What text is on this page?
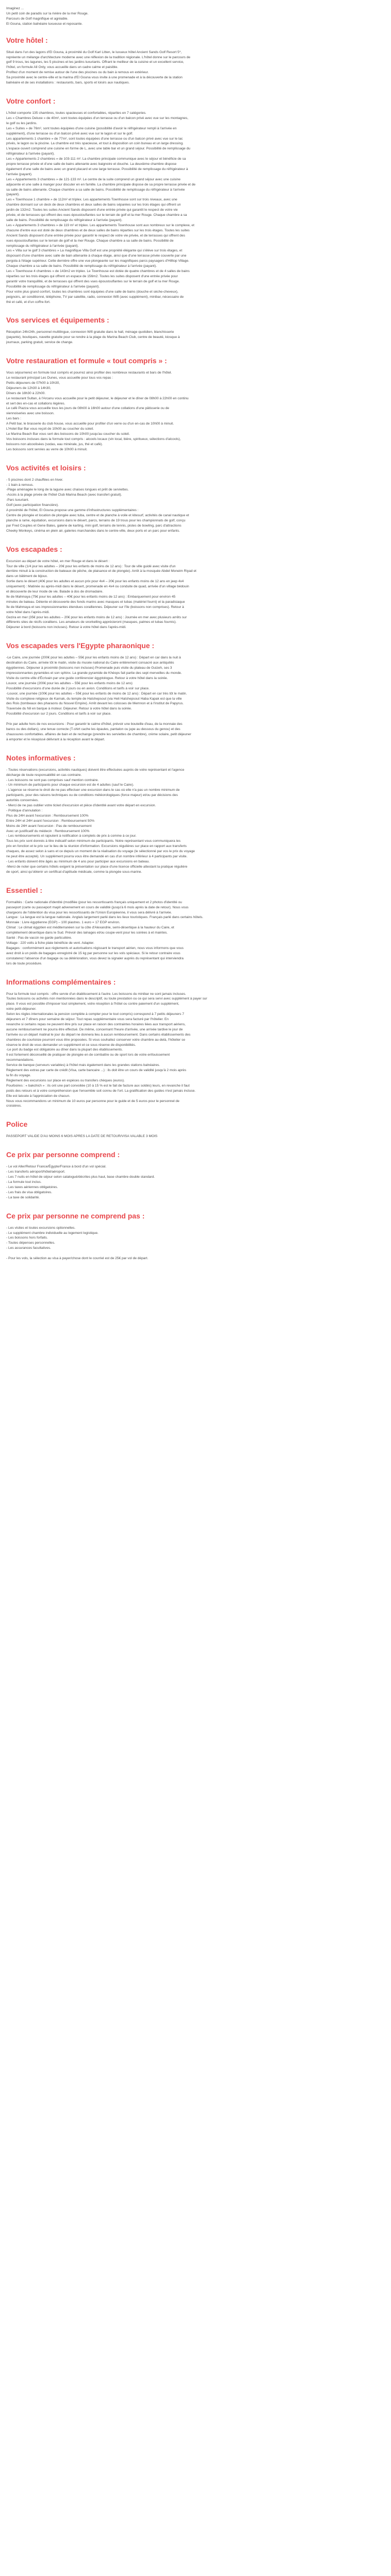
Imaginez ...

Un petit coin de paradis sur la rivière de la mer Rouge.

Parcours de Golf magnifique et agréable.

El Gouna, station balnéaire luxueuse et reposante.

Votre hôtel :

Situé dans l'un des lagons d'El Gouna, à proximité du Golf Karl Litten, le luxueux hôtel Ancient Sands Golf Resort 5*,

repréente un mélange d'architecture moderne avec une réflexion de la tradition régionale. L'hôtel donne sur le parcours de

golf 9 trous, les lagunes, les 5 piscines et les jardins luxuriants. Offrant le meilleur de la cuisine et un excellent service,

l'hôtel, un formule All Only, vous accueille dans un cadre calme et paisible.

Profitez d'un moment de remise autour de l'une des piscines ou du bain à remous en extérieur.

Sa proximité avec le centre-ville et la marina d'El Gouna vous invite à une promenade et à la découverte de la station

balnéaire et de ses installations : restaurants, bars, sports et loisirs aux nautiques.

Votre confort :

L'hôtel comporte 135 chambres, toutes spacieuses et confortables, réparties en 7 catégories.

Les « Chambres Deluxe » de 40m², sont toutes équipées d'un terrasse ou d'un balcon privé avec vue sur les montagnes,

le golf ou les jardins.

Les « Suites » de 76m², sont toutes équipées d'une cuisine (possibilité d'avoir le réfrigérateur rempli à l'arrivée en

supplément), d'une terrasse ou d'un balcon privé avec vue sur le lagon et sur le golf.

Les appartements 1 chambre » de 77m², sont toutes équipées d'une terrasse ou d'un balcon privé avec vue sur le lac

privés, le lagon ou la piscine. La chambre est très spacieuse, et tout à disposition un coin bureau et un large dressing.

L'espace ouvert comprend une cuisine en forme de L, avec une table bar et un grand séjour. Possibilité de remplissage du

réfrigérateur à l'arrivée (payant).

Les « Appartements 2 chambres » de 103-111 m². La chambre principale communique avec le séjour et bénéficie de sa

propre terrasse privée et d'une salle de bains attenante avec baignoire et douche. La deuxième chambre dispose

également d'une salle de bains avec un grand placard et une large terrasse. Possibilité de remplissage du réfrigérateur à

l'arrivée (payant).

Les « Appartements 3 chambres » de 121-133 m². Le centre de la suite comprend un grand séjour avec une cuisine

adjacente et une salle à manger pour discuter en en famille. La chambre principale dispose de sa propre terrasse privée et de

sa salle de bains attenante. Chaque chambre a sa salle de bains. Possibilité de remplissage du réfrigérateur à l'arrivée

(payant).

Les « Townhouse 1 chambre » de 112m² et triplex. Les appartements Townhouse sont sur trois niveaux, avec une

chambre donnant sur un deck de deux chambres et deux salles de bains séparées sur les trois étages qui offrent un

jardin de 132m2. Toutes les suites Ancient Sands disposent d'une entrée privée qui garantit le respect de votre vie

privée, et de terrasses qui offrent des vues époustouflantes sur le terrain de golf et la mer Rouge. Chaque chambre a sa

salle de bains. Possibilité de remplissage du réfrigérateur à l'arrivée (payant).

Les « Appartements 3 chambres » de 119 m² et triplex. Les appartements Townhouse sont aux nombreux sur le complexe, et

chacune d'entre eux est doté de deux chambres et de deux salles de bains réparties sur les trois étages. Toutes les suites

Ancient Sands disposent d'une entrée privée pour garantir le respect de votre vie privée, et de terrasses qui offrent des

vues époustouflantes sur le terrain de golf et la mer Rouge. Chaque chambre a sa salle de bains. Possibilité de

remplissage du réfrigérateur à l'arrivée (payant).

Les « Villa sur le golf 3 chambres » La magnifique Villa Golf est une propriété élégante qui s'élève sur trois étages, et

disposant d'une chambre avec salle de bain attenante à chaque étage, ainsi que d'une terrasse privée couverte par une

pergola à l'étage supérieur. Cette dernière offre une vue plongeante sur les magnifiques parcs paysagers d'Hilltop Village.

Chaque chambre a sa salle de bains. Possibilité de remplissage du réfrigérateur à l'arrivée (payant).

Les « Townhouse 4 chambres » de 143m2 en triplex. Le Townhouse est dotée de quatre chambres et de 4 salles de bains

réparties sur les trois étages qui offrent un espace de 156m2. Toutes les suites disposent d'une entrée privée pour

garantir votre tranquillité, et de terrasses qui offrent des vues époustouflantes sur le terrain de golf et la mer Rouge.

Possibilité de remplissage du réfrigérateur à l'arrivée (payant).

Pour votre plus grand confort, toutes les chambres sont équipées d'une salle de bains (douche et sèche-cheveux),

peignoirs, air conditionné, téléphone, TV par satellite, radio, connexion Wifi (avec supplément), minibar, nécessaire de

thé et café, et d'un coffre-fort.

Vos services et équipements :

Réception 24h/24h, personnel multilingue, connexion Wifi gratuite dans le hall, ménage quotidien, blanchisserie

(payante), boutiques, navette gratuite pour se rendre à la plage du Marina Beach Club, centre de beauté, kiosque à

journaux, parking gratuit, service de change.

Votre restauration et formule « tout compris » :

Vous séjournerez en formule tout compris et pourrez ainsi profiter des nombreux restaurants et bars de l'hôtel.

Le restaurant principal Les Dunes, vous accueille pour tous vos repas :

Petits déjeuners de 07h00 à 10h30,

Déjeuners de 12h30 à 14h30,

Dîners de 18h30 à 22h00.

Le restaurant Sultan, à l'Arcanu vous accueille pour le petit déjeuner, le déjeuner et le dîner de 08h00 à 22h00 en continu

et sert des en-cas et collations légères.

Le café Piazza vous accueille tous les jours de 08h00 à 16h00 autour d'une collations d'une pâtisserie ou de

viennoiseries avec une boisson.

Les bars :

A Petit bar, le brasserie du club house, vous accueille pour profiter d'un verre ou d'un en-cas de 10h00 à minuit.

L'Hotel Bar Bar vous reçoit de 10h00 au coucher du soleil.

Le Marina Beach Bar vous sert des boissons de 10h00 jusqu'au coucher du soleil.

Vos boissons incluses dans la formule tout compris : alcools locaux (vin local, bière, spiritueux, sélections d'alcools),

boissons non alcoolisées (sodas, eau minérale, jus, thé et café).

Les boissons sont servies au verre de 10h00 à minuit.

Vos activités et loisirs :

- 5 piscines dont 2 chauffées en hiver.

- 1 bain à remous.

-Plage aménagée le long de la lagune avec chaises longues et prêt de serviettes.

-Accès à la plage privée de l'hôtel Club Marina Beach (avec transfert gratuit).

-Parc luxuriant.

Golf (avec participation financière).

A proximité de l'hôtel, El Gouna propose une gamme d'infrastructures supplémentaires :

Centre de plongée et location de plongée avec tuba, centre et de planche à voile et kitesurf, activités de canal nautique et

planche à rame, équitation, excursions dans le désert, parcs, terrains de 19 trous pour les championnats de golf, conçu

par Fred Couples et Gene Bates, galerie de karting, mini golf, terrains de tennis, pistes de bowling, parc d'attractions

Cheeky Monkeys, cinéma en plein air, galeries marchandes dans le centre-ville, deux ports et un parc pour enfants.

Vos escapades :

Excursion au départ de votre hôtel, en mer Rouge et dans le désert :

Tour de ville (1/4 jour les adultes – 20€ pour les enfants de moins de 12 ans) : Tour de ville guidé avec visite d'un

derrière minuit à la construction de bateaux de pêche, de plaisance et de plongée). Arrêt à la mosquée Abdel Moneim Riyad et

dans un bâtiment de bijoux.

Sortie dans le désert (40€ pour les adultes et aucun prix pour 4x4 – 20€ pour les enfants moins de 12 ans en jeep 4x4

uniquement) : Matinée ou après-midi dans le désert, promenade en 4x4 ou conduite de quad, arrivée d'un village bédouin

et découverte de leur mode de vie. Balade à dos de dromadaire.

Ile de Mahmaya (75€ pour les adultes – 40€ pour les enfants moins de 12 ans) : Embarquement pour environ 45

minutes de bateau. Détente et découverte des fonds marins avec masques et tubas (matériel fourni) et la paradisiaque

île de Mahmaya et ses impressionnantes étendues coralliennes. Déjeuner sur l'île (boissons non comprises). Retour à

votre hôtel dans l'après-midi.

Gezira en mer (35€ pour les adultes – 20€ pour les enfants moins de 12 ans) : Journée en mer avec plusieurs arrêts sur

différents sites de récifs coralliens. Les amateurs de snorkelling apprécieront (masques, palmes et tubas fournis).

Déjeuner à bord (boissons non incluses). Retour à votre hôtel dans l'après-midi.

Vos escapades vers l'Egypte pharaonique :

-Le Caire, une journée (200€ pour les adultes – 55€ pour les enfants moins de 12 ans) : Départ en car dans la nuit à

destination du Caire, arrivée tôt le matin, visite du musée national du Caire entièrement consacré aux antiquités

égyptiennes. Déjeuner à proximité (boissons non incluses) Promenade puis visite du plateau de Guizeh, ses 3

impressionnantes pyramides et son sphinx. La grande pyramide de Khéops fait partie des sept merveilles du monde.

Visite du centre-ville d'Écrivain par une guide conférencier égyptologue. Retour à votre hôtel dans la soirée.

Louxor, une journée (200€ pour les adultes – 55€ pour les enfants moins de 12 ans)

Possibilité d'excursions d'une durée de 2 jours ou en avion. Conditions et tarifs à voir sur place.

-Louxor, une journée (100€ pour les adultes – 55€ pour les enfants de moins de 12 ans) : Départ en car très tôt le matin.

Visite du complexe religieux de Karnak, du temple de Hatshepsout (via Heli Hatshepsout Haba Kapak est que la ville

des Rois (tombeaux des pharaons du Nouvel Empire). Arrêt devant les colosses de Memnon et à l'institut de Papyrus.

Traversée du Nil en barque à moteur. Déjeuner. Retour à votre hôtel dans la soirée.

Possibilité d'excursion sur 2 jours. Conditions et tarifs à voir sur place.

Prix par adulte hors de nos excursions : Pour garantir le calme d'hôtel, prévoir une bouteille d'eau, de la monnaie des

bancs ou des dollars), une tenue correcte (T-shirt cache les épaules, pantalon ou jupe au dessous du genou) et des

chaussures confortables. affaires de bain et de rechange (prendre les serviettes de chambre), crème solaire, petit déjeuner

à emporter et le récepissé délivrant à la réception avant le départ.

Notes informatives :

- Toutes réservations (excursions, activités nautiques) doivent être effectuées auprès de votre représentant et l'agence

décharge de toute responsabilité en cas contraire.

- Les boissons ne sont pas comprises sauf mention contraire.

- Un minimum de participants pour chaque excursion est de 4 adultes (sauf le Caire).

- L'agence se réserve le droit de ne pas effectuer une excursion dans le cas où elle n'a pas un nombre minimum de

participants, pour des raisons techniques ou de conditions météorologiques (force majeur) et/ou par décisions des

autorités concernées.

- Merci de ne pas oublier votre ticket d'excursion et pièce d'identité avant votre départ en excursion.

- Politique d'annulation :

Plus de 24H avant l'excursion : Remboursement 100%

Entre 24H et 24H avant l'excursion : Remboursement 50%

Moins de 24H avant l'excursion : Pas de remboursement

Avec un justificatif du médecin : Remboursement 100%

- Les remboursements et rajoutent à notification à complets de prix à comme à ce jour.

Tous les prix sont donnés à titre indicatif selon minimum de participants. Notre représentant vous communiquera les

prix en fonction et le prix sur le lieu de la réunion d'information. Excursions régulières sur place en rapport aux transferts

chaques, de assez selon à sans et ce depuis un moment de la réalisation du voyage (le sélectionné par vos le prix du voyage

ne peut être accepté). Un supplément pourra vous être demandé en cas d'un nombre inférieur à 4 participants par visite.

- Les enfants doivent être âgés au minimum de 4 ans pour participer aux excursions en bateau.

-Merci de noter que certains hôtels exigent la présentation sur place d'une licence officielle attestant la pratique régulière

de sport, ainsi qu'obtenir un certificat d'aptitude médicale, comme la plongée sous-marine.

Essentiel :

Formalités : Carte nationale d'identité (modifiée (pour les ressortissants français uniquement et 2 photos d'identité ou

passeport (carte ou passeport mapit advenement en cours de validité (jusqu'à 6 mois après la date de retour). Nous vous

chargeons de l'obtention du visa pour les ressortissants de l'Union Européenne, il vous sera délivré à l'arrivée.

Langue : La langue est la langue nationale. Anglais largement parlé dans les lieux touristiques. Français parlé dans certains hôtels.

Monnaie : Livre égyptienne (EGP) – 100 piastres. 1 euro = 17 EGP environ.

Climat : Le climat égyptien est méditerranéen sur la côte d'Alexandrie, semi-désertique à la hauteur du Caire, et

complètement désertique dans le Sud. Prévoir des lainages et/ou coupe-vent pour les soirées à et maintes.

Santé : Pas de vaccin ne garde particulière.

Voltage : 220 volts à fiche plate bénéficie de vent. Adapter.

Bagages : conformément aux règlements et autorisations régissant le transport aérien, nous vous informons que vous

avez droit à un poids de bagages enregistré de 15 kg par personne sur les vols spéciaux. Si le retour contraire vous

constaterez l'absence d'un bagage ou sa détérioration, vous devez la signaler auprès du représentant qui interviendra

lors de toute procédure.

Informations complémentaires :

Pour la formule tout compris : offre servie d'un établissement à l'autre. Les boissons du minibar ne sont jamais incluses.

Toutes boissons ou activités non mentionnées dans le descriptif, ou toute prestation ou ce qui sera servi avec supplément à payer sur

place. Il vous est possible d'imposer tout simplement, votre réception à l'hôtel ou contre paiement d'un supplément,

votre petit-déjeuner.

Selon les règles internationales la pension complète à compter pour le tout compris) correspond à 7 petits déjeuners 7

déjeuners et 7 dîners pour semaine de séjour. Tout repas supplémentaire vous sera facturé par l'hôtelier. En

revanche si certains repas ne peuvent être pris sur place en raison des contraintes horaires liées aux transport aériens,

aucune remboursement ne pourra être effectué. De même, concernant l'heure d'arrivée, une arrivée tardive le jour de

l'arrivée ou un départ matinal le jour du départ ne donnera lieu à aucun remboursement. Dans certains établissements des

chambres de courtoisie pourront vous être proposées. Si vous souhaitez conserver votre chambre au-delà, l'hôtelier se

réserve le droit de vous demander un supplément et ce sous réserve de disponibilités.

-Le port du badge est obligatoire au dîner dans la plupart des établissements.

Il est fortement déconseillé de pratiquer de plongée en de combattre ou de sport lors de votre enfouissement

recommandations.

Service de banque (serveurs variables) à l'hôtel mais également dans les grandes stations balnéaires.

Réglement des extras par carte de crédit (Visa, carte bancaire ...) : ils doit être un cours de validité jusqu'à 2 mois après

la fin du voyage.

Réglement des excursions sur place en espèces ou transfers chèques (euros).

Pourboires : « bakchich » : ils ont une part convoitée (10 à 15 % est le fait de facture aux soldés) leurs, en revanche il faut

poids des retours et à votre compréhension que l'ensemble soit connu de l'ort. La gratification des guides n'est jamais incluse.

Elle est laissée à l'appréciation de chacun.

Nous vous recommandons un minimum de 10 euros par personne pour le guide et de 5 euros pour le personnel de

croisières.

Police

PASSEPORT VALIDE D'AU MOINS 6 MOIS APRES LA DATE DE RETOUR/VISA VALABLE 3 MOIS

Ce prix par personne comprend :

- Le vol Aller/Retour France/Égypte/France à bord d'un vol spécial.

- Les transferts aéroport/hôtel/aéroport.

- Les 7 nuits en hôtel de séjour selon catalogué/décrites plus haut, base chambre double standard.

- La formule tout inclus.

- Les taxes aériennes obligatoires.

- Les frais de visa obligatoires.

- La taxe de solidarité.

Ce prix par personne ne comprend pas :

- Les visites et toutes excursions optionnelles.

- Le supplément chambre individuelle au logement logistique.

- Les boissons hors forfaits.

- Toutes dépenses personnelles.

- Les assurances facultatives.

- Pour les vols, la sélection au visa à payer/chose dont le courriel est de 25€ par vol de départ.
